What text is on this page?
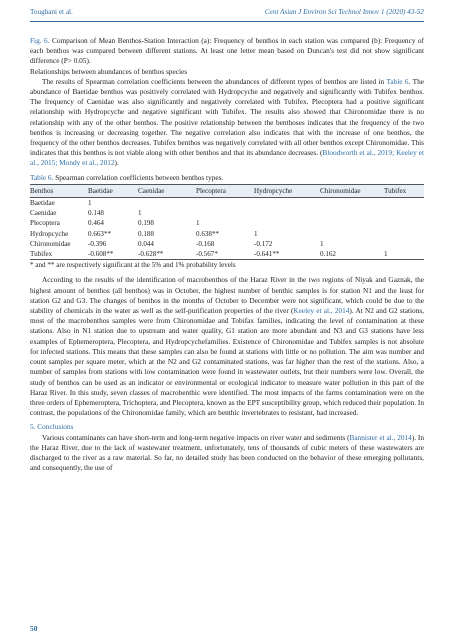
Toughani et al.	Cent Asian J Environ Sci Technol Innov 1 (2020) 43-52

Fig. 6. Comparison of Mean Benthos-Station Interaction (a): Frequency of benthos in each station was compared (b): Frequency of each benthos was compared between different stations. At least one letter mean based on Duncan's test did not show significant difference (P> 0.05).

Relationships between abundances of benthos species

The results of Spearman correlation coefficients between the abundances of different types of benthos are listed in Table 6. The abundance of Baetidae benthos was positively correlated with Hydropcyche and negatively and significantly with Tubifex benthos. The frequency of Caenidae was also significantly and negatively correlated with Tubifex. Plecoptera had a positive significant relationship with Hydropcyche and negative significant with Tubifex. The results also showed that Chironomidae there is no relationship with any of the other benthos. The positive relationship between the benthoses indicates that the frequency of the two benthos is increasing or decreasing together. The negative correlation also indicates that with the increase of one benthos, the frequency of the other benthos decreases. Tubifex benthos was negatively correlated with all other benthos except Chironomidae. This indicates that this benthos is not viable along with other benthos and that its abundance decreases. (Bloodworth et al., 2019; Keeley et al., 2015; Mondy et al., 2012).

Table 6. Spearman correlation coefficients between benthos types.

Benthos	Baetidae	Caenidae	Plecoptera	Hydropcyche	Chironomidae	Tubifex
Baetidae	1					
Caenidae	0.148	1				
Plecoptera	0.464	0.198	1			
Hydropcyche	0.663**	0.188	0.638**	1		
Chironomidae	-0.396	0.044	-0.168	-0.172	1	
Tubifex	-0.608**	-0.628**	-0.567*	-0.641**	0.162	1

* and ** are respectively significant at the 5% and 1% probability levels

According to the results of the identification of macrobenthos of the Haraz River in the two regions of Niyak and Gaznak, the highest amount of benthos (all benthos) was in October, the highest number of benthic samples is for station N1 and the least for station G2 and G3. The changes of benthos in the months of October to December were not significant, which could be due to the stability of chemicals in the water as well as the self-purification properties of the river (Keeley et al., 2014). At N2 and G2 stations, most of the macrobenthos samples were from Chironomidae and Tobifax families, indicating the level of contamination at these stations. Also in N1 station due to upstream and water quality, G1 station are more abundant and N3 and G3 stations have less examples of Ephemeroptera, Plecoptera, and Hydropcychefamilies. Existence of Chironomidae and Tubifex samples is not absolute for infected stations. This means that these samples can also be found at stations with little or no pollution. The aim was number and count samples per square meter, which at the N2 and G2 contaminated stations, was far higher than the rest of the stations. Also, a number of samples from stations with low contamination were found in wastewater outlets, but their numbers were low. Overall, the study of benthos can be used as an indicator or environmental or ecological indicator to measure water pollution in this part of the Haraz River. In this study, seven classes of macrobenthic were identified. The most impacts of the farms contamination were on the three orders of Ephemeroptera, Trichoptera, and Plecoptera, known as the EPT susceptibility group, which reduced their population. In contrast, the populations of the Chironomidae family, which are benthic invertebrates to resistant, had increased.

5. Conclusions

Various contaminants can have short-term and long-term negative impacts on river water and sediments (Bannister et al., 2014). In the Haraz River, due to the lack of wastewater treatment, unfortunately, tens of thousands of cubic meters of these wastewaters are discharged to the river as a raw material. So far, no detailed study has been conducted on the behavior of these emerging pollutants, and consequently, the use of

50
